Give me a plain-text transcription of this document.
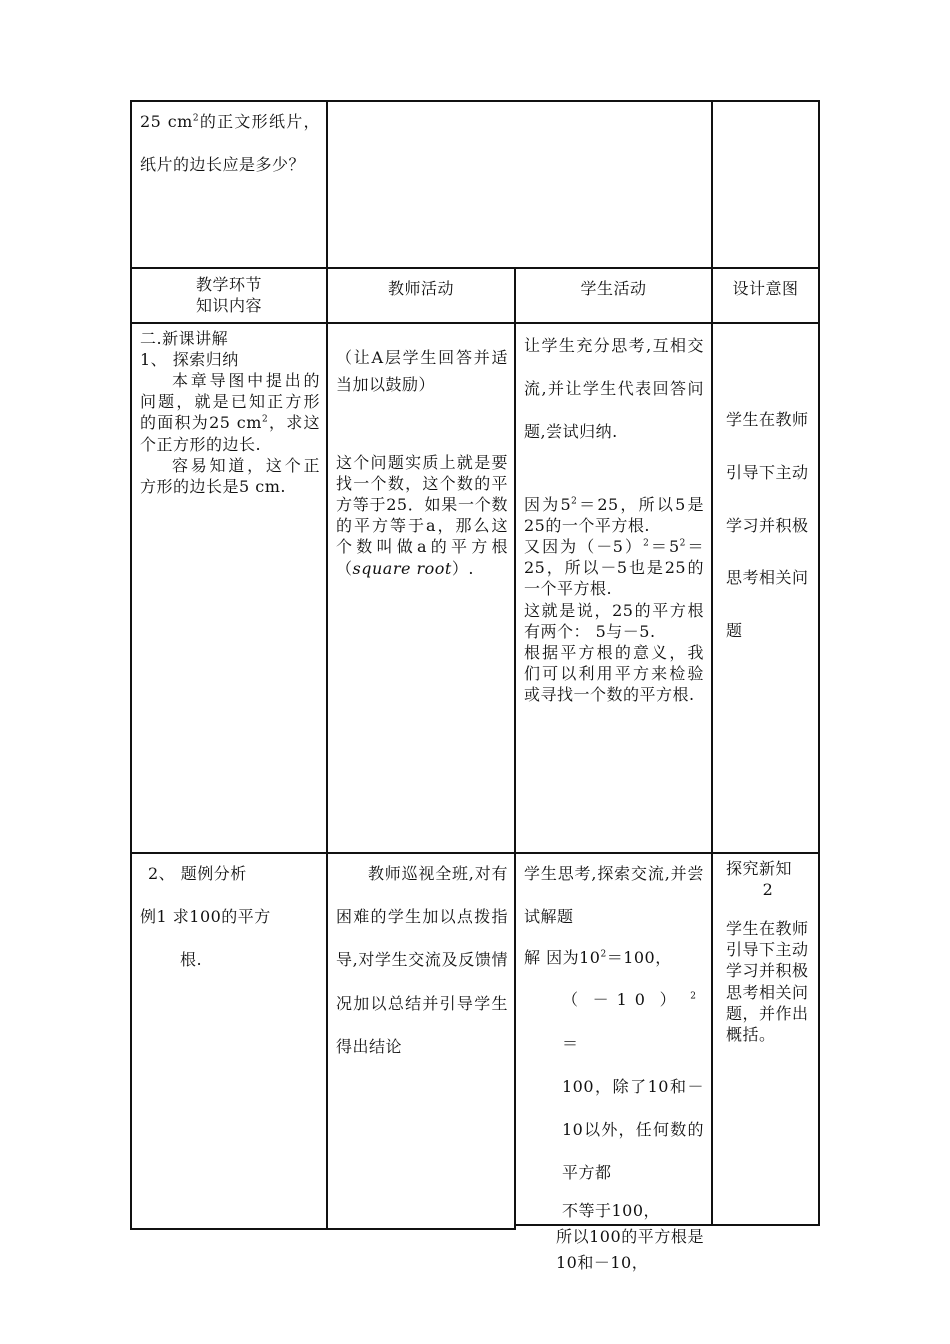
25 $cm^2$的正文形纸片，纸片的边长应是多少？
教学环节
知识内容
教师活动	学生活动	设计意图
二.新课讲解
1、 探索归纳
本章导图中提出的问题，就是已知正方形的面积为25 $cm^2$，求这个正方形的边长.
容易知道，这个正方形的边长是5 cm.
（让A层学生回答并适当加以鼓励）
这个问题实质上就是要找一个数，这个数的平方等于25．如果一个数的平方等于a，那么这个数叫做a的平方根（square root）.
让学生充分思考,互相交流,并让学生代表回答问题,尝试归纳.
因为$5^2=25$，所以5是25的一个平方根.
又因为$(-5)^2=5^2=25$，所以－5也是25的一个平方根.
这就是说，25的平方根有两个： 5与－5.
根据平方根的意义，我们可以利用平方来检验或寻找一个数的平方根.
学生在教师引导下主动学习并积极思考相关问题
2、 题例分析
例1 求100的平方
根.
教师巡视全班,对有困难的学生加以点拨指导,对学生交流及反馈情况加以总结并引导学生得出结论
学生思考,探索交流,并尝试解题
解 因为$10^2=100$，
$(-10)^2=$
100，除了10和－10以外，任何数的平方都
不等于100，
所以100的平方根是10和－10，
探究新知
2
学生在教师引导下主动学习并积极思考相关问题，并作出概括。
